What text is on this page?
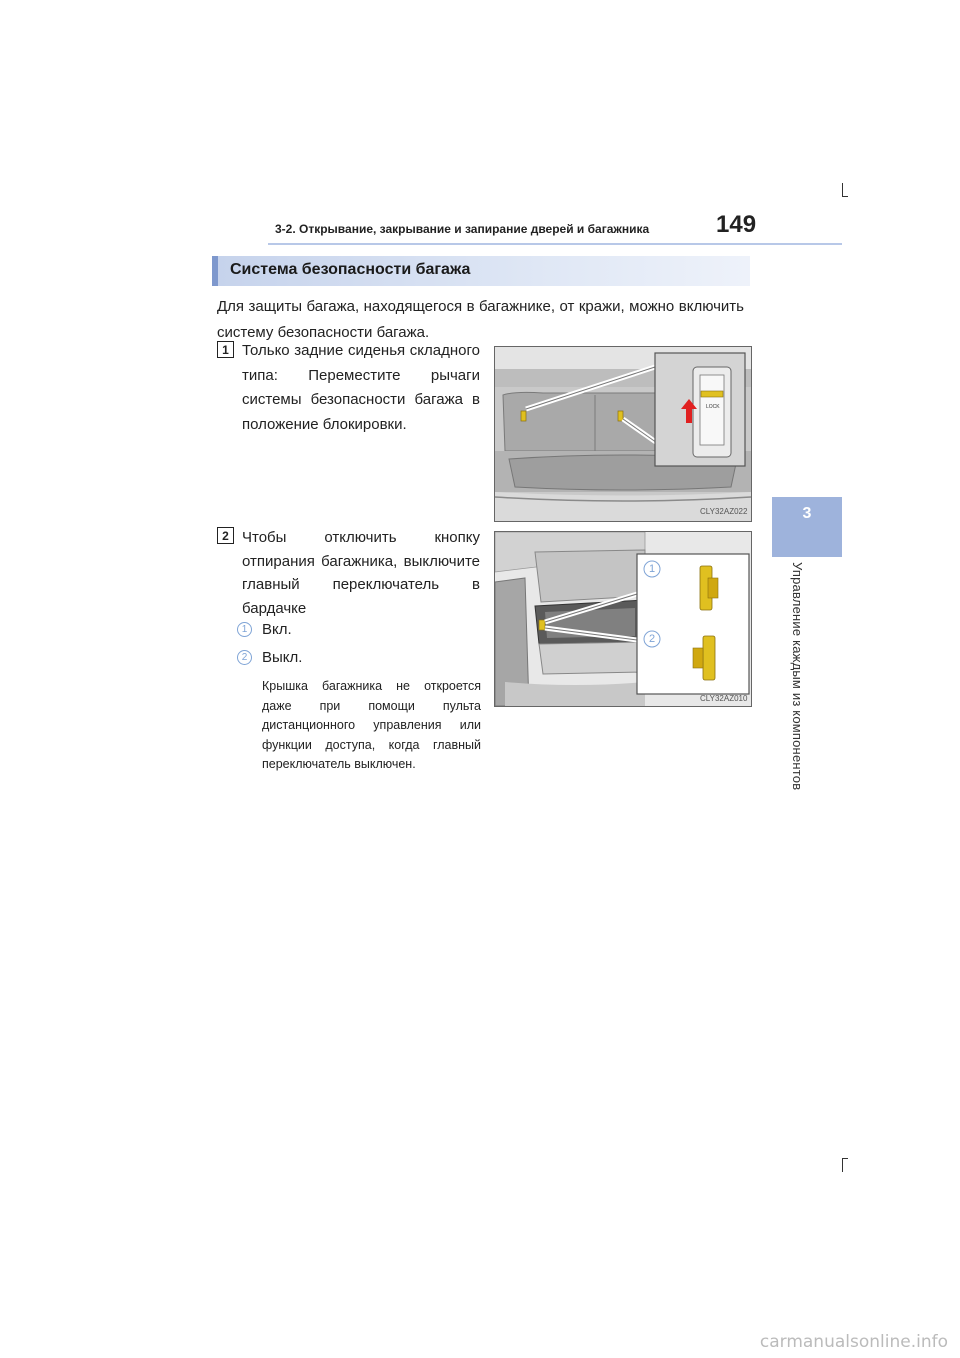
3-2. Открывание, закрывание и запирание дверей и багажника	149
3
Управление каждым из компонентов
Система безопасности багажа
Для защиты багажа, находящегося в багажнике, от кражи, можно включить систему безопасности багажа.
1 Только задние сиденья складного типа: Переместите рычаги системы безопасности багажа в положение блокировки.
LOCK
CLY32AZ022
2 Чтобы отключить кнопку отпирания багажника, выключите главный переключатель в бардачке
1 Вкл.
2 Выкл.
Крышка багажника не откроется даже при помощи пульта дистанционного управления или функции доступа, когда главный переключатель выключен.
1
2
CLY32AZ010
carmanualsonline.info
